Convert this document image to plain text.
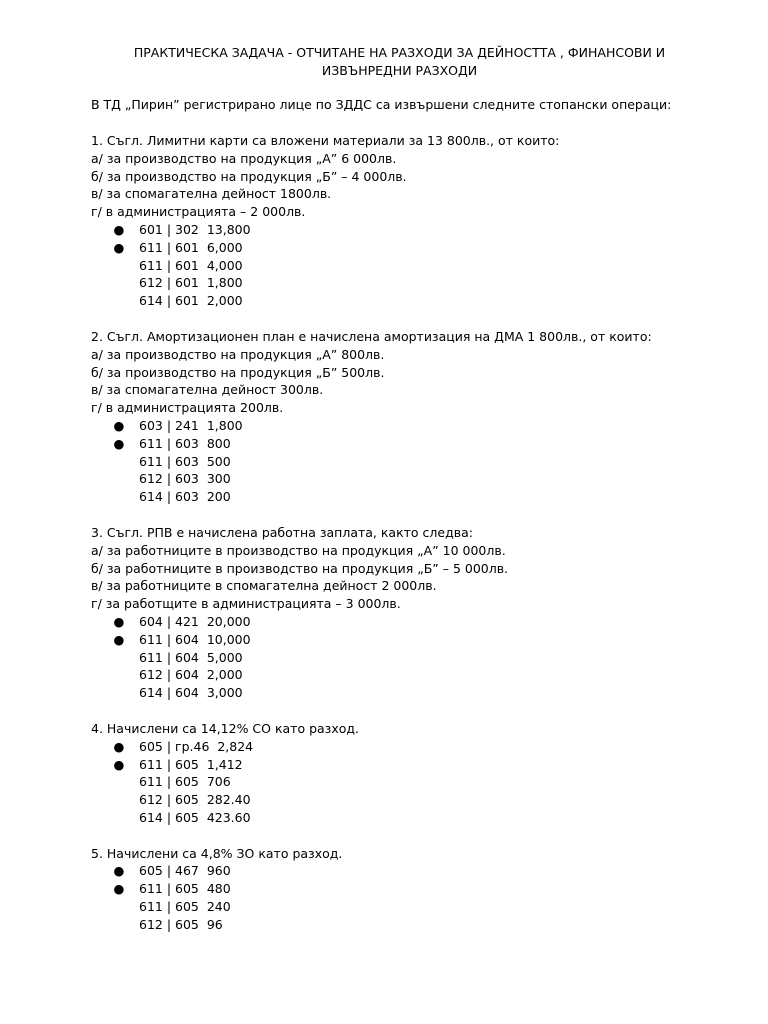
ПРАКТИЧЕСКА ЗАДАЧА - ОТЧИТАНЕ НА РАЗХОДИ ЗА ДЕЙНОСТТА , ФИНАНСОВИ И
ИЗВЪНРЕДНИ РАЗХОДИ
В ТД „Пирин” регистрирано лице по ЗДДС са извършени следните стопански операци:
1. Съгл. Лимитни карти са вложени материали за 13 800лв., от които:
а/ за производство на продукция „А” 6 000лв.
б/ за производство на продукция „Б” – 4 000лв.
в/ за спомагателна дейност 1800лв.
г/ в администрацията – 2 000лв.
● 601 | 302  13,800
● 611 | 601  6,000
611 | 601  4,000
612 | 601  1,800
614 | 601  2,000
2. Съгл. Амортизационен план е начислена амортизация на ДМА 1 800лв., от които:
а/ за производство на продукция „А” 800лв.
б/ за производство на продукция „Б” 500лв.
в/ за спомагателна дейност 300лв.
г/ в администрацията 200лв.
● 603 | 241  1,800
● 611 | 603  800
611 | 603  500
612 | 603  300
614 | 603  200
3. Съгл. РПВ е начислена работна заплата, както следва:
а/ за работниците в производство на продукция „А” 10 000лв.
б/ за работниците в производство на продукция „Б” – 5 000лв.
в/ за работниците в спомагателна дейност 2 000лв.
г/ за работщите в администрацията – 3 000лв.
● 604 | 421  20,000
● 611 | 604  10,000
611 | 604  5,000
612 | 604  2,000
614 | 604  3,000
4. Начислени са 14,12% СО като разход.
● 605 | гр.46  2,824
● 611 | 605  1,412
611 | 605  706
612 | 605  282.40
614 | 605  423.60
5. Начислени са 4,8% ЗО като разход.
● 605 | 467  960
● 611 | 605  480
611 | 605  240
612 | 605  96
